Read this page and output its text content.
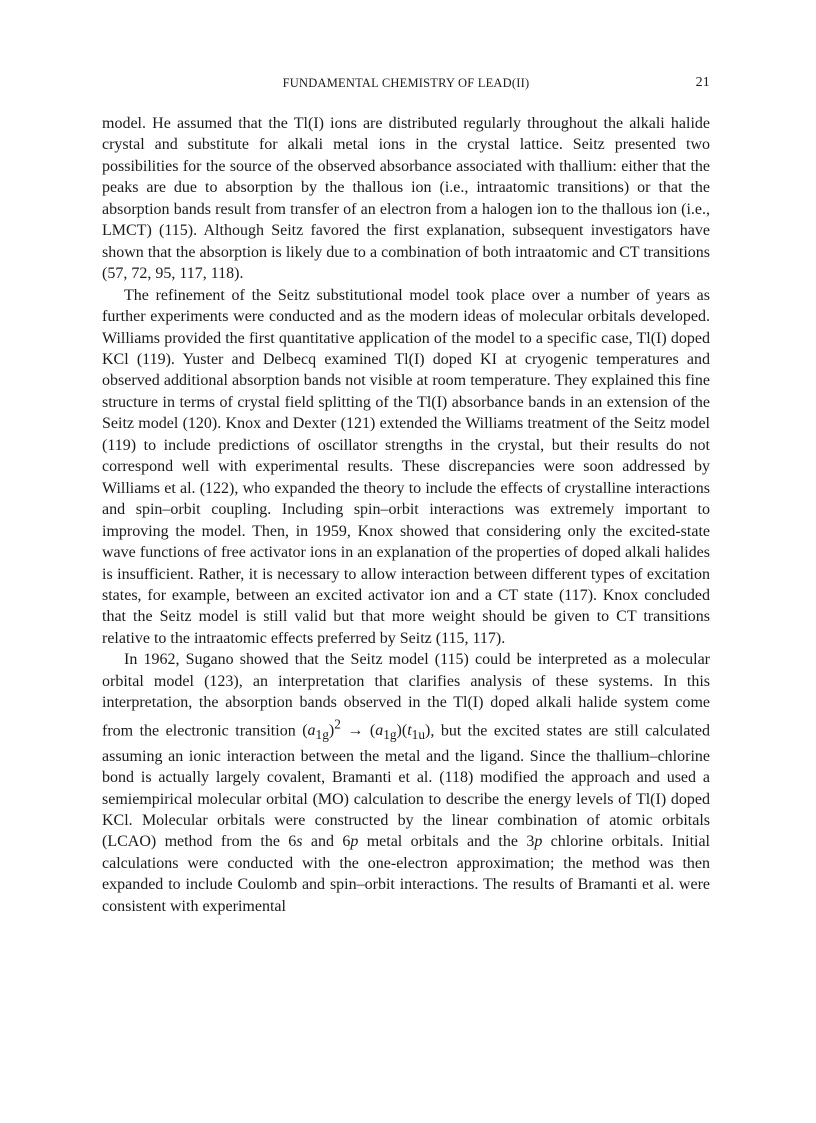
FUNDAMENTAL CHEMISTRY OF LEAD(II)	21

model. He assumed that the Tl(I) ions are distributed regularly throughout the alkali halide crystal and substitute for alkali metal ions in the crystal lattice. Seitz presented two possibilities for the source of the observed absorbance associated with thallium: either that the peaks are due to absorption by the thallous ion (i.e., intraatomic transitions) or that the absorption bands result from transfer of an electron from a halogen ion to the thallous ion (i.e., LMCT) (115). Although Seitz favored the first explanation, subsequent investigators have shown that the absorption is likely due to a combination of both intraatomic and CT transitions (57, 72, 95, 117, 118).

The refinement of the Seitz substitutional model took place over a number of years as further experiments were conducted and as the modern ideas of molecular orbitals developed. Williams provided the first quantitative application of the model to a specific case, Tl(I) doped KCl (119). Yuster and Delbecq examined Tl(I) doped KI at cryogenic temperatures and observed additional absorption bands not visible at room temperature. They explained this fine structure in terms of crystal field splitting of the Tl(I) absorbance bands in an extension of the Seitz model (120). Knox and Dexter (121) extended the Williams treatment of the Seitz model (119) to include predictions of oscillator strengths in the crystal, but their results do not correspond well with experimental results. These discrepancies were soon addressed by Williams et al. (122), who expanded the theory to include the effects of crystalline interactions and spin–orbit coupling. Including spin–orbit interactions was extremely important to improving the model. Then, in 1959, Knox showed that considering only the excited-state wave functions of free activator ions in an explanation of the properties of doped alkali halides is insufficient. Rather, it is necessary to allow interaction between different types of excitation states, for example, between an excited activator ion and a CT state (117). Knox concluded that the Seitz model is still valid but that more weight should be given to CT transitions relative to the intraatomic effects preferred by Seitz (115, 117).

In 1962, Sugano showed that the Seitz model (115) could be interpreted as a molecular orbital model (123), an interpretation that clarifies analysis of these systems. In this interpretation, the absorption bands observed in the Tl(I) doped alkali halide system come from the electronic transition $(a_{1g})^2 \to (a_{1g})(t_{1u})$, but the excited states are still calculated assuming an ionic interaction between the metal and the ligand. Since the thallium–chlorine bond is actually largely covalent, Bramanti et al. (118) modified the approach and used a semiempirical molecular orbital (MO) calculation to describe the energy levels of Tl(I) doped KCl. Molecular orbitals were constructed by the linear combination of atomic orbitals (LCAO) method from the 6s and 6p metal orbitals and the 3p chlorine orbitals. Initial calculations were conducted with the one-electron approximation; the method was then expanded to include Coulomb and spin–orbit interactions. The results of Bramanti et al. were consistent with experimental
